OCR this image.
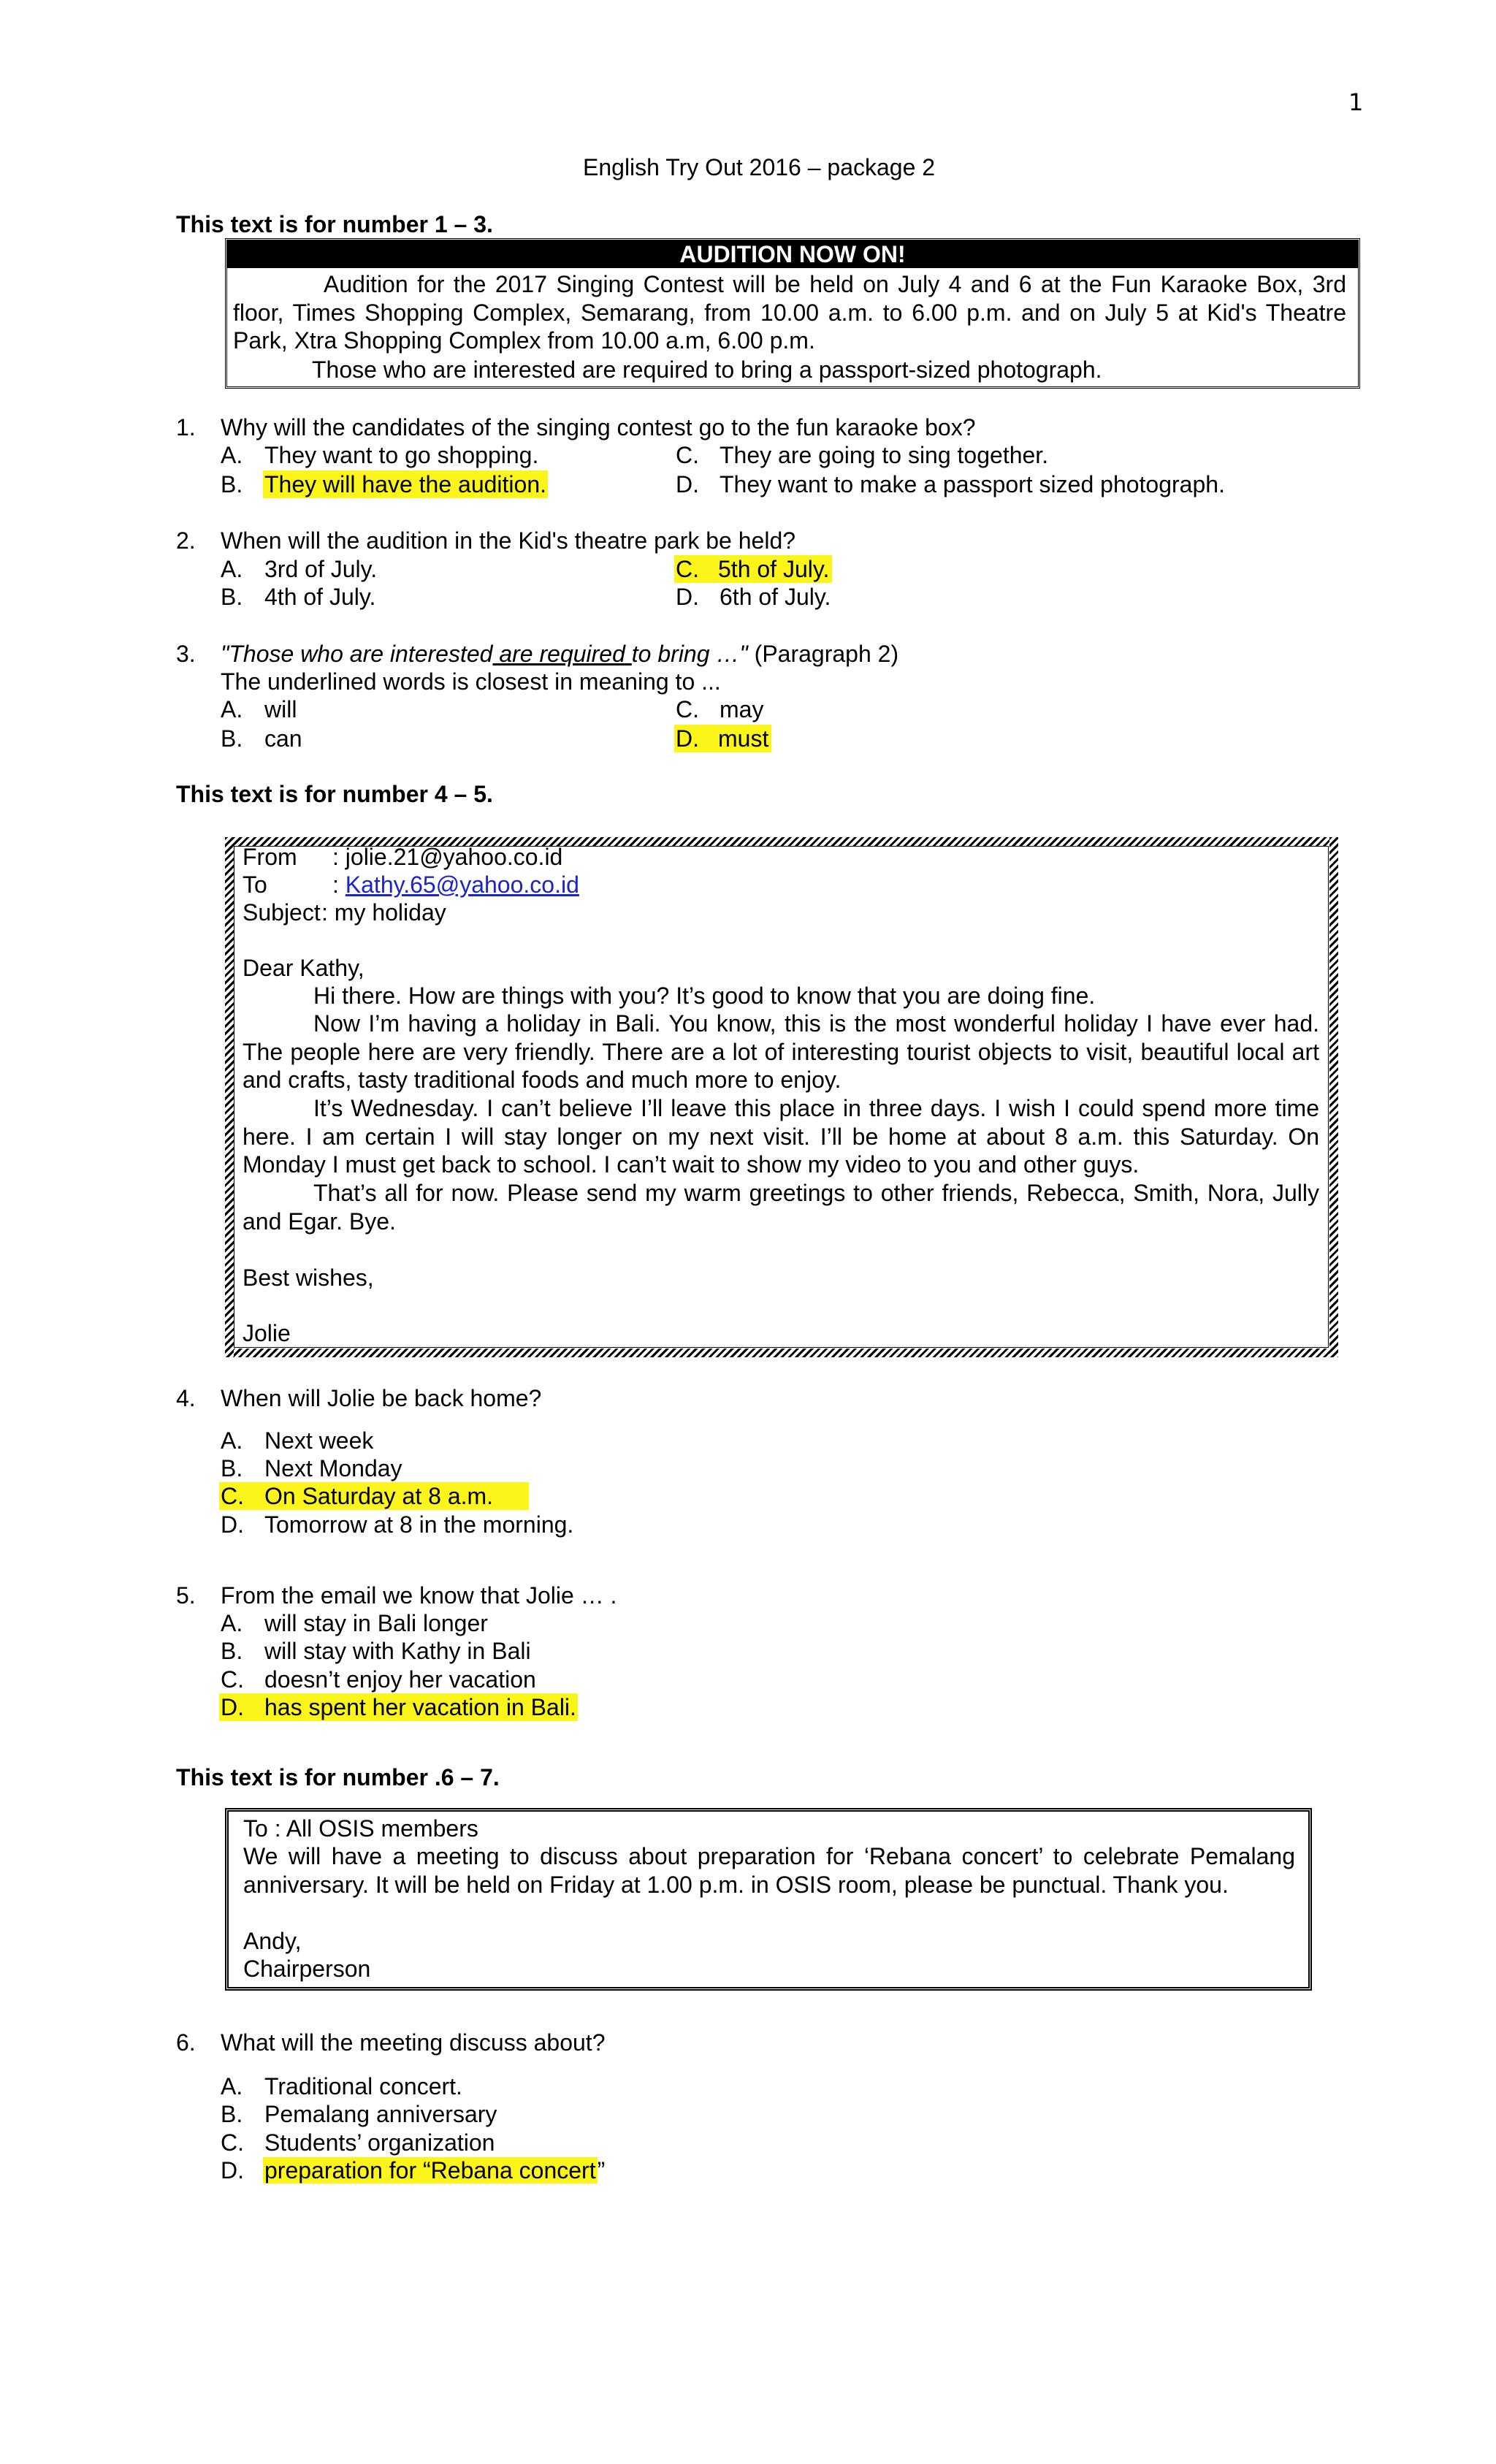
1
English Try Out 2016 – package 2
This text is for number 1 – 3.
AUDITION NOW ON!
Audition for the 2017 Singing Contest will be held on July 4 and 6 at the Fun Karaoke Box, 3rd floor, Times Shopping Complex, Semarang, from 10.00 a.m. to 6.00 p.m. and on July 5 at Kid's Theatre Park, Xtra Shopping Complex from 10.00 a.m, 6.00 p.m.
Those who are interested are required to bring a passport-sized photograph.
1. Why will the candidates of the singing contest go to the fun karaoke box?
A. They want to go shopping.	C. They are going to sing together.
B. They will have the audition.	D. They want to make a passport sized photograph.
2. When will the audition in the Kid's theatre park be held?
A. 3rd of July.	C. 5th of July.
B. 4th of July.	D. 6th of July.
3. "Those who are interested are required to bring …" (Paragraph 2)
The underlined words is closest in meaning to ...
A. will	C. may
B. can	D. must
This text is for number 4 – 5.
From : jolie.21@yahoo.co.id
To	: Kathy.65@yahoo.co.id
Subject : my holiday
Dear Kathy,
Hi there. How are things with you? It’s good to know that you are doing fine.
Now I’m having a holiday in Bali. You know, this is the most wonderful holiday I have ever had. The people here are very friendly. There are a lot of interesting tourist objects to visit, beautiful local art and crafts, tasty traditional foods and much more to enjoy.
It’s Wednesday. I can’t believe I’ll leave this place in three days. I wish I could spend more time here. I am certain I will stay longer on my next visit. I’ll be home at about 8 a.m. this Saturday. On Monday I must get back to school. I can’t wait to show my video to you and other guys.
That’s all for now. Please send my warm greetings to other friends, Rebecca, Smith, Nora, Jully and Egar. Bye.
Best wishes,
Jolie
4. When will Jolie be back home?
A. Next week
B. Next Monday
C. On Saturday at 8 a.m.
D. Tomorrow at 8 in the morning.
5. From the email we know that Jolie … .
A. will stay in Bali longer
B. will stay with Kathy in Bali
C. doesn’t enjoy her vacation
D. has spent her vacation in Bali.
This text is for number .6 – 7.
To : All OSIS members
We will have a meeting to discuss about preparation for ‘Rebana concert’ to celebrate Pemalang anniversary. It will be held on Friday at 1.00 p.m. in OSIS room, please be punctual. Thank you.
Andy,
Chairperson
6. What will the meeting discuss about?
A. Traditional concert.
B. Pemalang anniversary
C. Students’ organization
D. preparation for “Rebana concert”
